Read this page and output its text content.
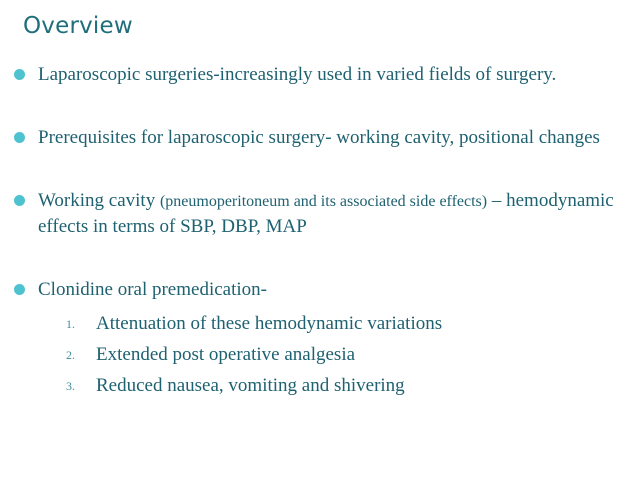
Overview
Laparoscopic surgeries-increasingly used in varied fields of surgery.
Prerequisites for laparoscopic surgery- working cavity, positional changes
Working cavity (pneumoperitoneum and its associated side effects) – hemodynamic effects in terms of SBP, DBP, MAP
Clonidine oral premedication-
1. Attenuation of these hemodynamic variations
2. Extended post operative analgesia
3. Reduced nausea, vomiting and shivering
